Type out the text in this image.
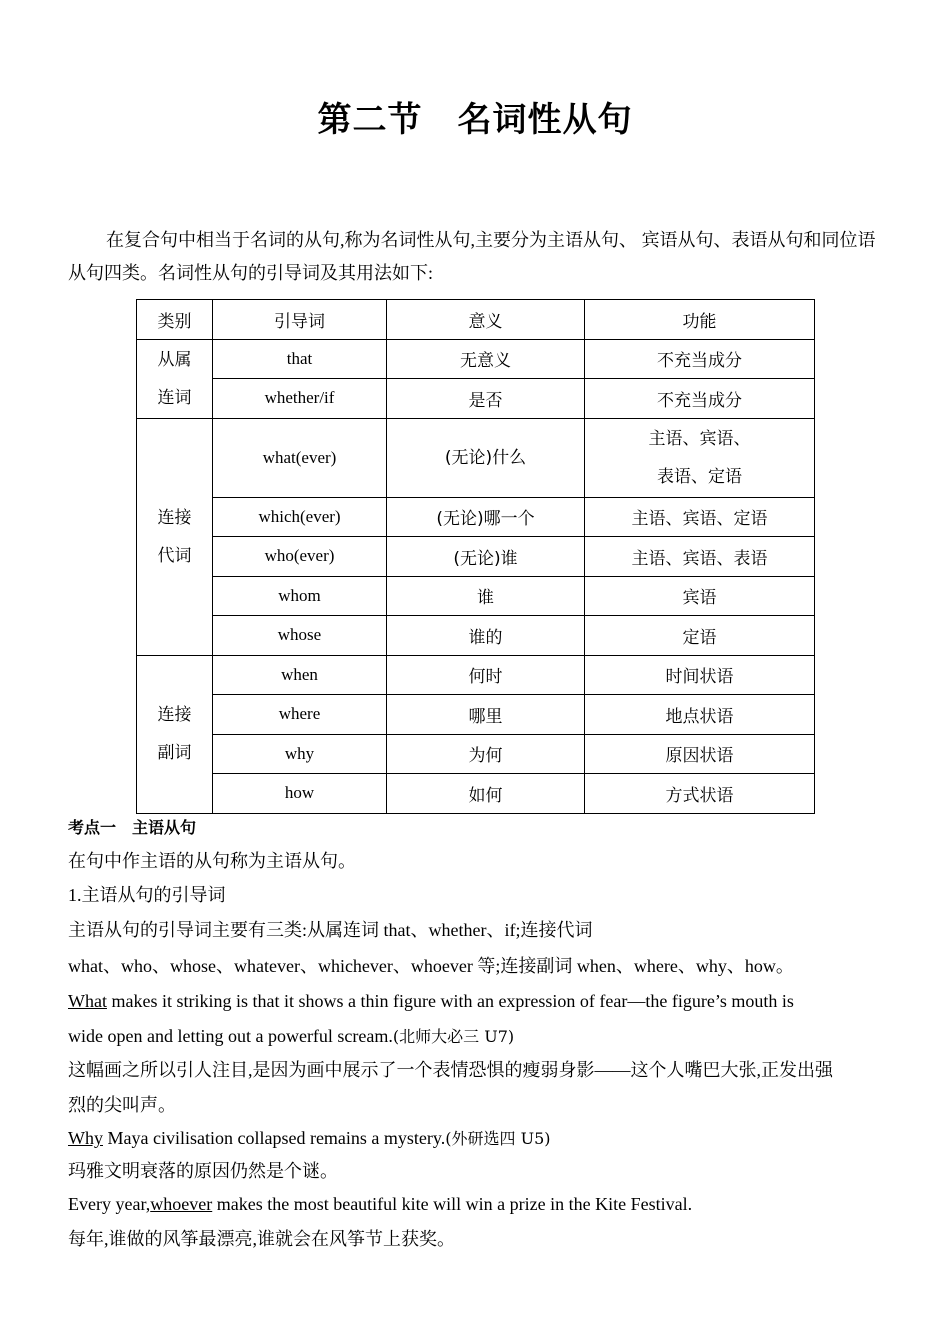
第二节　名词性从句
在复合句中相当于名词的从句,称为名词性从句,主要分为主语从句、 宾语从句、表语从句和同位语从句四类。名词性从句的引导词及其用法如下:
类别	引导词	意义	功能
从属连词	that	无意义	不充当成分
	whether/if	是否	不充当成分
连接代词	what(ever)	(无论)什么	主语、宾语、表语、定语
	which(ever)	(无论)哪一个	主语、宾语、定语
	who(ever)	(无论)谁	主语、宾语、表语
	whom	谁	宾语
	whose	谁的	定语
连接副词	when	何时	时间状语
	where	哪里	地点状语
	why	为何	原因状语
	how	如何	方式状语
考点一　主语从句
在句中作主语的从句称为主语从句。
1.主语从句的引导词
主语从句的引导词主要有三类:从属连词 that、whether、if;连接代词
what、who、whose、whatever、whichever、whoever 等;连接副词 when、where、why、how。
What makes it striking is that it shows a thin figure with an expression of fear—the figure’s mouth is
wide open and letting out a powerful scream.(北师大必三 U7)
这幅画之所以引人注目,是因为画中展示了一个表情恐惧的瘦弱身影——这个人嘴巴大张,正发出强
烈的尖叫声。
Why Maya civilisation collapsed remains a mystery.(外研选四 U5)
玛雅文明衰落的原因仍然是个谜。
Every year,whoever makes the most beautiful kite will win a prize in the Kite Festival.
每年,谁做的风筝最漂亮,谁就会在风筝节上获奖。
